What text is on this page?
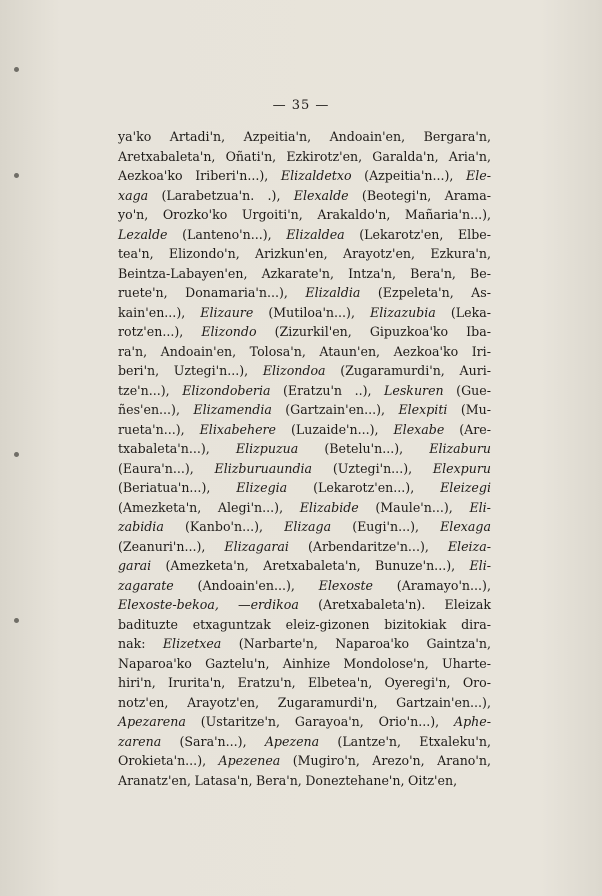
— 35 —
ya'ko Artadi'n, Azpeitia'n, Andoain'en, Bergara'n,
Aretxabaleta'n, Oñati'n, Ezkirotz'en, Garalda'n, Aria'n,
Aezkoa'ko Iriberi'n...), Elizaldetxo (Azpeitia'n...), Ele-
xaga (Larabetzua'n. .), Elexalde (Beotegi'n, Arama-
yo'n, Orozko'ko Urgoiti'n, Arakaldo'n, Mañaria'n...),
Lezalde (Lanteno'n...), Elizaldea (Lekarotz'en, Elbe-
tea'n, Elizondo'n, Arizkun'en, Arayotz'en, Ezkura'n,
Beintza-Labayen'en, Azkarate'n, Intza'n, Bera'n, Be-
ruete'n, Donamaria'n...), Elizaldia (Ezpeleta'n, As-
kain'en...), Elizaure (Mutiloa'n...), Elizazubia (Leka-
rotz'en...), Elizondo (Zizurkil'en, Gipuzkoa'ko Iba-
ra'n, Andoain'en, Tolosa'n, Ataun'en, Aezkoa'ko Iri-
beri'n, Uztegi'n...), Elizondoa (Zugaramurdi'n, Auri-
tze'n...), Elizondoberia (Eratzu'n ..), Leskuren (Gue-
ñes'en...), Elizamendia (Gartzain'en...), Elexpiti (Mu-
rueta'n...), Elixabehere (Luzaide'n...), Elexabe (Are-
txabaleta'n...), Elizpuzua (Betelu'n...), Elizaburu
(Eaura'n...), Elizburuaundia (Uztegi'n...), Elexpuru
(Beriatua'n...), Elizegia (Lekarotz'en...), Eleizegi
(Amezketa'n, Alegi'n...), Elizabide (Maule'n...), Eli-
zabidia (Kanbo'n...), Elizaga (Eugi'n...), Elexaga
(Zeanuri'n...), Elizagarai (Arbendaritze'n...), Eleiza-
garai (Amezketa'n, Aretxabaleta'n, Bunuze'n...), Eli-
zagarate (Andoain'en...), Elexoste (Aramayo'n...),
Elexoste-bekoa, —erdikoa (Aretxabaleta'n). Eleizak
badituzte etxaguntzak eleiz-gizonen bizitokiak dira-
nak: Elizetxea (Narbarte'n, Naparoa'ko Gaintza'n,
Naparoa'ko Gaztelu'n, Ainhize Mondolose'n, Uharte-
hiri'n, Irurita'n, Eratzu'n, Elbetea'n, Oyeregi'n, Oro-
notz'en, Arayotz'en, Zugaramurdi'n, Gartzain'en...),
Apezarena (Ustaritze'n, Garayoa'n, Orio'n...), Aphe-
zarena (Sara'n...), Apezena (Lantze'n, Etxaleku'n,
Orokieta'n...), Apezenea (Mugiro'n, Arezo'n, Arano'n,
Aranatz'en, Latasa'n, Bera'n, Doneztehane'n, Oitz'en,
